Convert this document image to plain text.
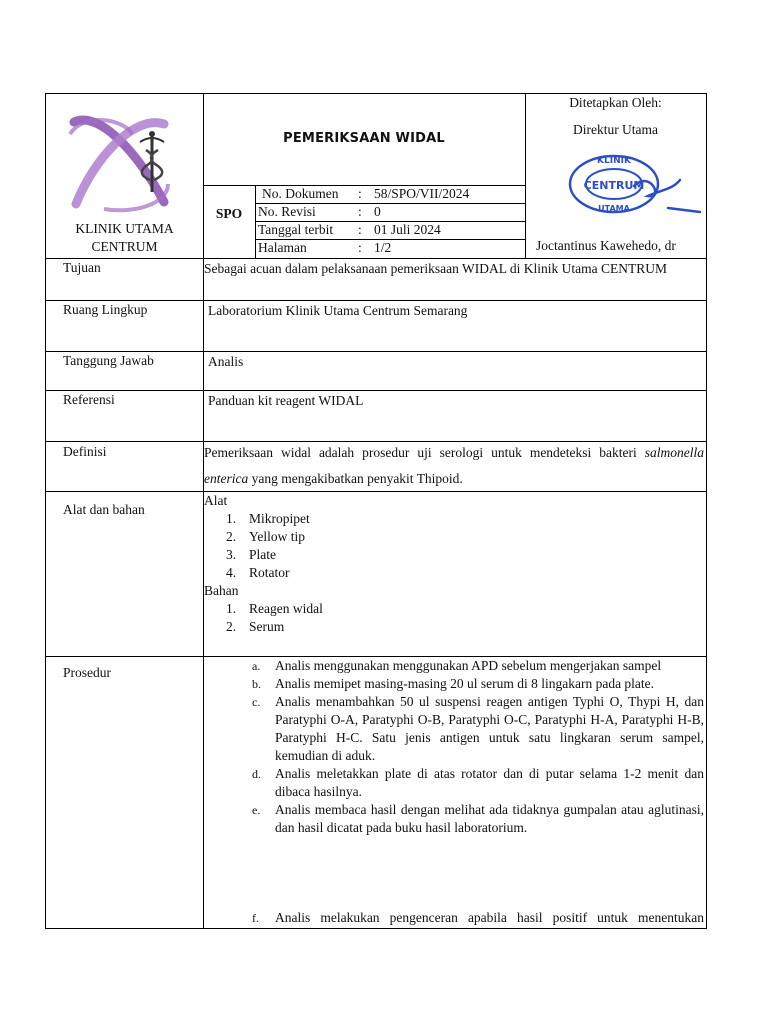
KLINIK UTAMA
CENTRUM
PEMERIKSAAN WIDAL
SPO
No. Dokumen : 58/SPO/VII/2024
No. Revisi	: 0
Tanggal terbit : 01 Juli 2024
Halaman	: 1/2
Ditetapkan Oleh:
Direktur Utama
KLINIK
CENTRUM
UTAMA
Joctantinus Kawehedo, dr
Tujuan	Sebagai acuan dalam pelaksanaan pemeriksaan WIDAL di Klinik Utama CENTRUM
Ruang Lingkup	Laboratorium Klinik Utama Centrum Semarang
Tanggung Jawab	Analis
Referensi	Panduan kit reagent WIDAL
Definisi	Pemeriksaan widal adalah prosedur uji serologi untuk mendeteksi bakteri salmonella enterica yang mengakibatkan penyakit Thipoid.
Alat dan bahan
Alat
1. Mikropipet
2. Yellow tip
3. Plate
4. Rotator
Bahan
1. Reagen widal
2. Serum
Prosedur	a. Analis menggunakan menggunakan APD sebelum mengerjakan sampel
b. Analis memipet masing-masing 20 ul serum di 8 lingakarn pada plate.
c. Analis menambahkan 50 ul suspensi reagen antigen Typhi O, Thypi H, dan Paratyphi O-A, Paratyphi O-B, Paratyphi O-C, Paratyphi H-A, Paratyphi H-B, Paratyphi H-C. Satu jenis antigen untuk satu lingkaran serum sampel, kemudian di aduk.
d. Analis meletakkan plate di atas rotator dan di putar selama 1-2 menit dan dibaca hasilnya.
e. Analis membaca hasil dengan melihat ada tidaknya gumpalan atau aglutinasi, dan hasil dicatat pada buku hasil laboratorium.
f. Analis melakukan pengenceran apabila hasil positif untuk menentukan
